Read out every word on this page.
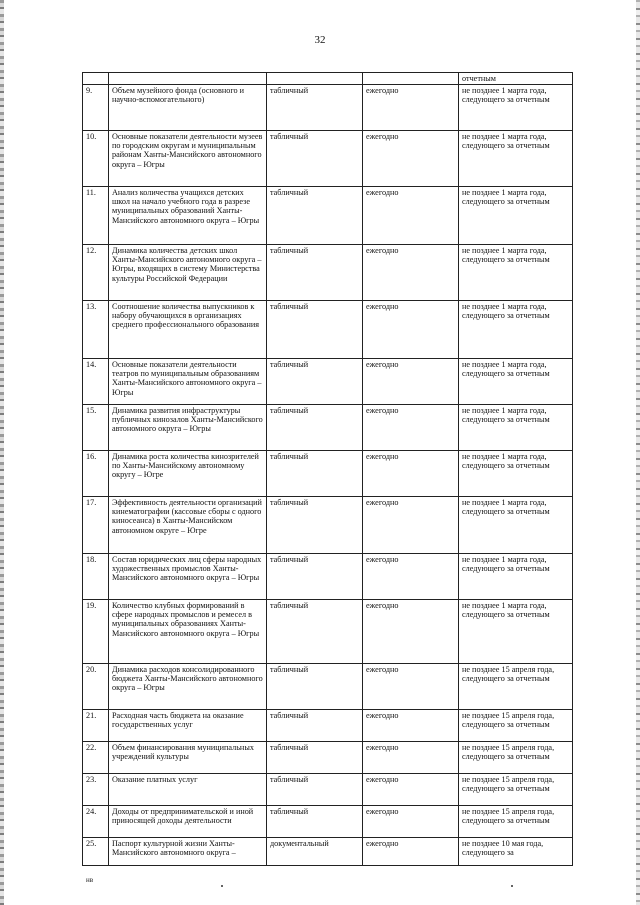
32
				отчетным
9.	Объем музейного фонда (основного и научно-вспомогательного)	табличный	ежегодно	не позднее 1 марта года, следующего за отчетным
10.	Основные показатели деятельности музеев по городским округам и муниципальным районам Ханты-Мансийского автономного округа – Югры	табличный	ежегодно	не позднее 1 марта года, следующего за отчетным
11.	Анализ количества учащихся детских школ на начало учебного года в разрезе муниципальных образований Ханты-Мансийского автономного округа – Югры	табличный	ежегодно	не позднее 1 марта года, следующего за отчетным
12.	Динамика количества детских школ Ханты-Мансийского автономного округа – Югры, входящих в систему Министерства культуры Российской Федерации	табличный	ежегодно	не позднее 1 марта года, следующего за отчетным
13.	Соотношение количества выпускников к набору обучающихся в организациях среднего профессионального образования	табличный	ежегодно	не позднее 1 марта года, следующего за отчетным
14.	Основные показатели деятельности театров по муниципальным образованиям Ханты-Мансийского автономного округа – Югры	табличный	ежегодно	не позднее 1 марта года, следующего за отчетным
15.	Динамика развития инфраструктуры публичных кинозалов Ханты-Мансийского автономного округа – Югры	табличный	ежегодно	не позднее 1 марта года, следующего за отчетным
16.	Динамика роста количества кинозрителей по Ханты-Мансийскому автономному округу – Югре	табличный	ежегодно	не позднее 1 марта года, следующего за отчетным
17.	Эффективность деятельности организаций кинематографии (кассовые сборы с одного киносеанса) в Ханты-Мансийском автономном округе – Югре	табличный	ежегодно	не позднее 1 марта года, следующего за отчетным
18.	Состав юридических лиц сферы народных художественных промыслов Ханты-Мансийского автономного округа – Югры	табличный	ежегодно	не позднее 1 марта года, следующего за отчетным
19.	Количество клубных формирований в сфере народных промыслов и ремесел в муниципальных образованиях Ханты-Мансийского автономного округа – Югры	табличный	ежегодно	не позднее 1 марта года, следующего за отчетным
20.	Динамика расходов консолидированного бюджета Ханты-Мансийского автономного округа – Югры	табличный	ежегодно	не позднее 15 апреля года, следующего за отчетным
21.	Расходная часть бюджета на оказание государственных услуг	табличный	ежегодно	не позднее 15 апреля года, следующего за отчетным
22.	Объем финансирования муниципальных учреждений культуры	табличный	ежегодно	не позднее 15 апреля года, следующего за отчетным
23.	Оказание платных услуг	табличный	ежегодно	не позднее 15 апреля года, следующего за отчетным
24.	Доходы от предпринимательской и иной приносящей доходы деятельности	табличный	ежегодно	не позднее 15 апреля года, следующего за отчетным
25.	Паспорт культурной жизни Ханты-Мансийского автономного округа –	документальный	ежегодно	не позднее 10 мая года, следующего за
нв
